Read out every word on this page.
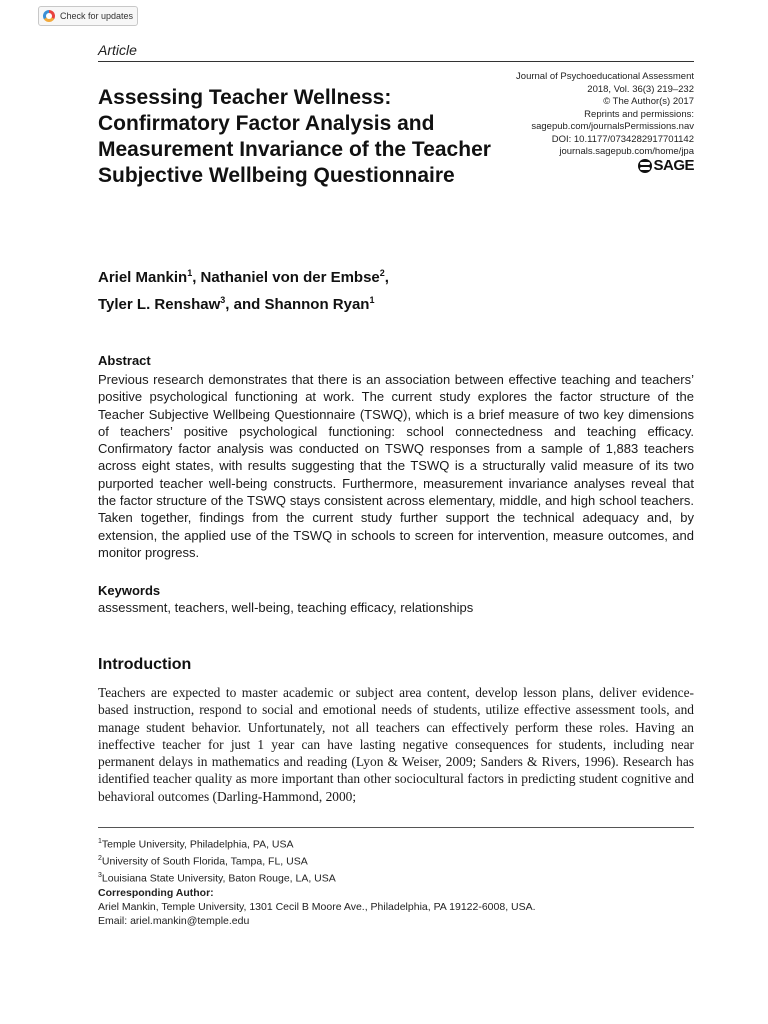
Check for updates
Article
Assessing Teacher Wellness: Confirmatory Factor Analysis and Measurement Invariance of the Teacher Subjective Wellbeing Questionnaire
Journal of Psychoeducational Assessment
2018, Vol. 36(3) 219–232
© The Author(s) 2017
Reprints and permissions:
sagepub.com/journalsPermissions.nav
DOI: 10.1177/0734282917701142
journals.sagepub.com/home/jpa
SAGE
Ariel Mankin$^1$, Nathaniel von der Embse$^2$,
Tyler L. Renshaw$^3$, and Shannon Ryan$^1$
Abstract

Previous research demonstrates that there is an association between effective teaching and teachers’ positive psychological functioning at work. The current study explores the factor structure of the Teacher Subjective Wellbeing Questionnaire (TSWQ), which is a brief measure of two key dimensions of teachers’ positive psychological functioning: school connectedness and teaching efficacy. Confirmatory factor analysis was conducted on TSWQ responses from a sample of 1,883 teachers across eight states, with results suggesting that the TSWQ is a structurally valid measure of its two purported teacher well-being constructs. Furthermore, measurement invariance analyses reveal that the factor structure of the TSWQ stays consistent across elementary, middle, and high school teachers. Taken together, findings from the current study further support the technical adequacy and, by extension, the applied use of the TSWQ in schools to screen for intervention, measure outcomes, and monitor progress.

Keywords

assessment, teachers, well-being, teaching efficacy, relationships

Introduction

Teachers are expected to master academic or subject area content, develop lesson plans, deliver evidence-based instruction, respond to social and emotional needs of students, utilize effective assessment tools, and manage student behavior. Unfortunately, not all teachers can effectively perform these roles. Having an ineffective teacher for just 1 year can have lasting negative consequences for students, including near permanent delays in mathematics and reading (Lyon & Weiser, 2009; Sanders & Rivers, 1996). Research has identified teacher quality as more important than other sociocultural factors in predicting student cognitive and behavioral outcomes (Darling-Hammond, 2000;

$^1$Temple University, Philadelphia, PA, USA
$^2$University of South Florida, Tampa, FL, USA
$^3$Louisiana State University, Baton Rouge, LA, USA
Corresponding Author:
Ariel Mankin, Temple University, 1301 Cecil B Moore Ave., Philadelphia, PA 19122-6008, USA.
Email: ariel.mankin@temple.edu
